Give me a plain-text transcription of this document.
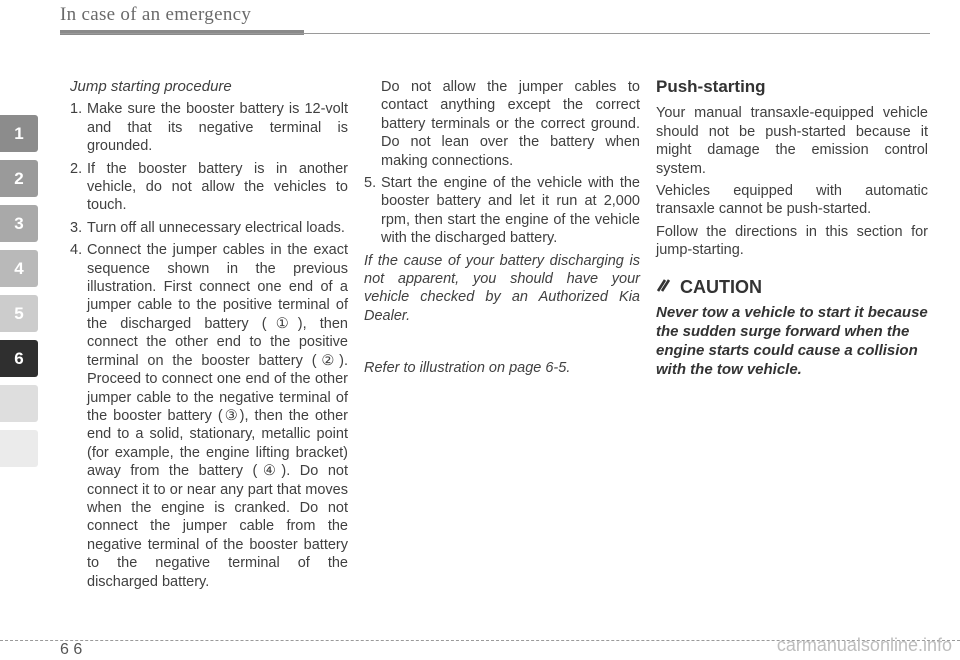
In case of an emergency
1
2
3
4
5
6
Jump starting procedure
1. Make sure the booster battery is 12-volt and that its negative terminal is grounded.
2. If the booster battery is in another vehicle, do not allow the vehicles to touch.
3. Turn off all unnecessary electrical loads.
4. Connect the jumper cables in the exact sequence shown in the previous illustration. First connect one end of a jumper cable to the positive terminal of the discharged battery (①), then connect the other end to the positive terminal on the booster battery (②). Proceed to connect one end of the other jumper cable to the negative terminal of the booster battery (③), then the other end to a solid, stationary, metallic point (for example, the engine lifting bracket) away from the battery (④). Do not connect it to or near any part that moves when the engine is cranked. Do not connect the jumper cable from the negative terminal of the booster battery to the negative terminal of the discharged battery.

Do not allow the jumper cables to contact anything except the correct battery terminals or the correct ground. Do not lean over the battery when making connections.

5. Start the engine of the vehicle with the booster battery and let it run at 2,000 rpm, then start the engine of the vehicle with the discharged battery.

If the cause of your battery discharging is not apparent, you should have your vehicle checked by an Authorized Kia Dealer.

Refer to illustration on page 6-5.

Push-starting

Your manual transaxle-equipped vehicle should not be push-started because it might damage the emission control system.

Vehicles equipped with automatic transaxle cannot be push-started.

Follow the directions in this section for jump-starting.

CAUTION

Never tow a vehicle to start it because the sudden surge forward when the engine starts could cause a collision with the tow vehicle.

6 6	carmanualsonline.info
